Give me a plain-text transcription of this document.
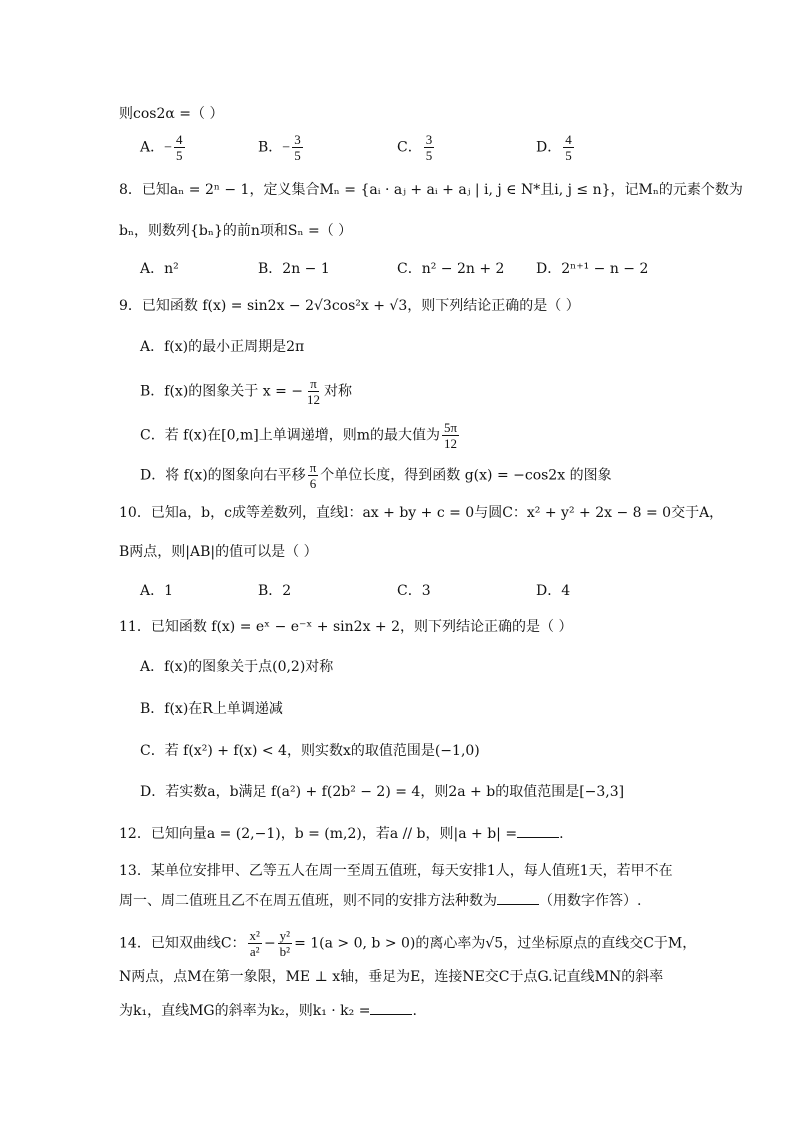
则cos2α =（ ）
A．− $\frac{4}{5}$	B．− $\frac{3}{5}$	C． $\frac{3}{5}$	D． $\frac{4}{5}$
8．已知aₙ = 2ⁿ − 1，定义集合Mₙ = {aᵢ · aⱼ + aᵢ + aⱼ | i, j ∈ N*且i, j ≤ n}，记Mₙ的元素个数为
bₙ，则数列{bₙ}的前n项和Sₙ =（ ）
A．n²	B．2n − 1	C．n² − 2n + 2 D．2ⁿ⁺¹ − n − 2
9．已知函数 f(x) = sin2x − 2√3cos²x + √3，则下列结论正确的是（ ）
A．f(x)的最小正周期是2π
B．f(x)的图象关于 x = − $\frac{\pi}{12}$ 对称
C．若 f(x)在[0,m]上单调递增，则m的最大值为 $\frac{5\pi}{12}$
D．将 f(x)的图象向右平移 $\frac{\pi}{6}$ 个单位长度，得到函数 g(x) = −cos2x 的图象
10．已知a，b，c成等差数列，直线l：ax + by + c = 0与圆C：x² + y² + 2x − 8 = 0交于A，
B两点，则|AB|的值可以是（ ）
A．1	B．2	C．3	D．4
11．已知函数 f(x) = eˣ − e⁻ˣ + sin2x + 2，则下列结论正确的是（ ）
A．f(x)的图象关于点(0,2)对称
B．f(x)在R上单调递减
C．若 f(x²) + f(x) < 4，则实数x的取值范围是(−1,0)
D．若实数a，b满足 f(a²) + f(2b² − 2) = 4，则2a + b的取值范围是[−3,3]
12．已知向量a = (2,−1)，b = (m,2)，若a // b，则|a + b| =	.
13．某单位安排甲、乙等五人在周一至周五值班，每天安排1人，每人值班1天，若甲不在
周一、周二值班且乙不在周五值班，则不同的安排方法种数为	（用数字作答）.
14．已知双曲线C： $\frac{\text{x²}}{\text{a²}} - \frac{\text{y²}}{\text{b²}} = 1(a > 0$, b > 0)的离心率为√5，过坐标原点的直线交C于M，
N两点，点M在第一象限，ME ⊥ x轴，垂足为E，连接NE交C于点G.记直线MN的斜率
为k₁，直线MG的斜率为k₂，则k₁ · k₂ =	.
